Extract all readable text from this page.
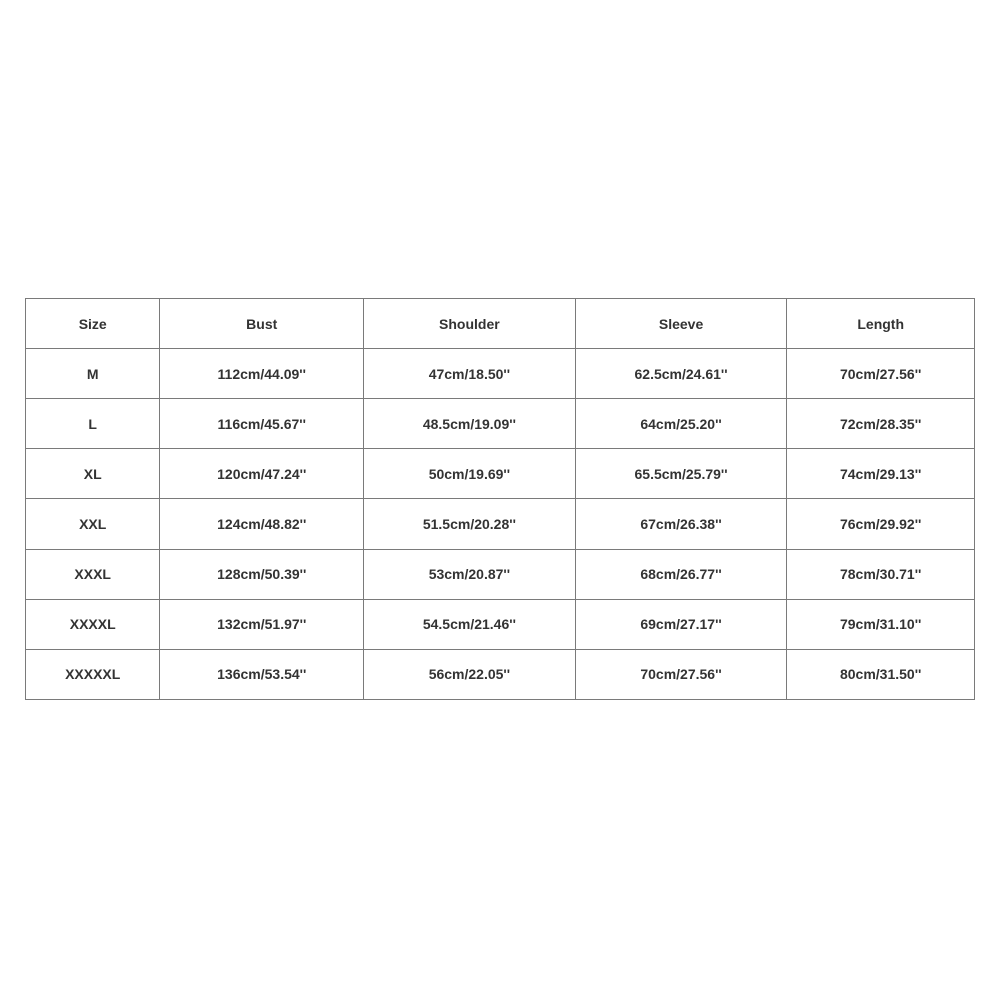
Size	Bust	Shoulder	Sleeve	Length
M	112cm/44.09''	47cm/18.50''	62.5cm/24.61''	70cm/27.56''
L	116cm/45.67''	48.5cm/19.09''	64cm/25.20''	72cm/28.35''
XL	120cm/47.24''	50cm/19.69''	65.5cm/25.79''	74cm/29.13''
XXL	124cm/48.82''	51.5cm/20.28''	67cm/26.38''	76cm/29.92''
XXXL	128cm/50.39''	53cm/20.87''	68cm/26.77''	78cm/30.71''
XXXXL	132cm/51.97''	54.5cm/21.46''	69cm/27.17''	79cm/31.10''
XXXXXL	136cm/53.54''	56cm/22.05''	70cm/27.56''	80cm/31.50''
